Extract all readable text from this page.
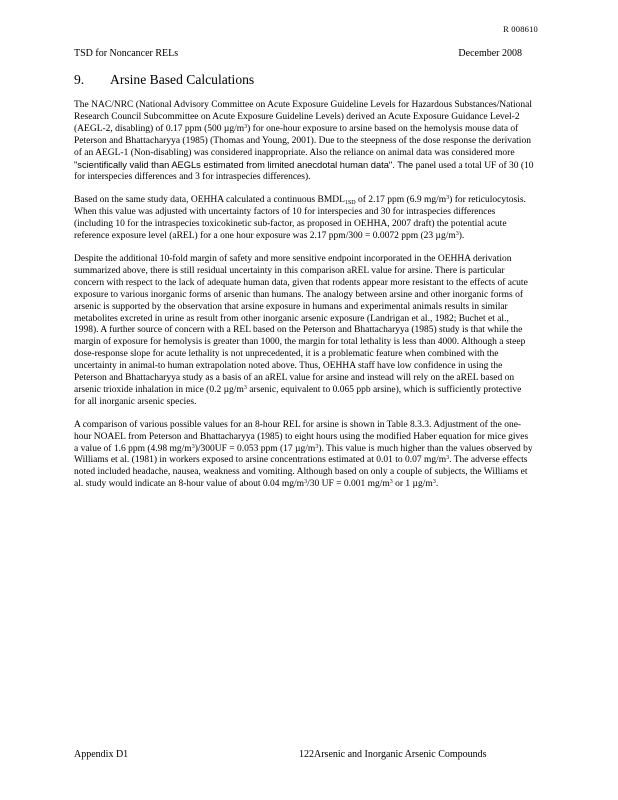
R 008610
TSD for Noncancer RELs	December 2008
9. Arsine Based Calculations

The NAC/NRC (National Advisory Committee on Acute Exposure Guideline Levels for Hazardous Substances/National Research Council Subcommittee on Acute Exposure Guideline Levels) derived an Acute Exposure Guidance Level-2 (AEGL-2, disabling) of 0.17 ppm (500 $\mu g/m^3$) for one-hour exposure to arsine based on the hemolysis mouse data of Peterson and Bhattacharyya (1985) (Thomas and Young, 2001). Due to the steepness of the dose response the derivation of an AEGL-1 (Non-disabling) was considered inappropriate. Also the reliance on animal data was considered more "scientifically valid than AEGLs estimated from limited anecdotal human data". The panel used a total UF of 30 (10 for interspecies differences and 3 for intraspecies differences).

Based on the same study data, OEHHA calculated a continuous $BMDL_{1SD}$ of 2.17 ppm (6.9 $mg/m^3$) for reticulocytosis. When this value was adjusted with uncertainty factors of 10 for interspecies and 30 for intraspecies differences (including 10 for the intraspecies toxicokinetic sub-factor, as proposed in OEHHA, 2007 draft) the potential acute reference exposure level (aREL) for a one hour exposure was 2.17 ppm/300 = 0.0072 ppm (23 $\mu g/m^3$).

Despite the additional 10-fold margin of safety and more sensitive endpoint incorporated in the OEHHA derivation summarized above, there is still residual uncertainty in this comparison aREL value for arsine. There is particular concern with respect to the lack of adequate human data, given that rodents appear more resistant to the effects of acute exposure to various inorganic forms of arsenic than humans. The analogy between arsine and other inorganic forms of arsenic is supported by the observation that arsine exposure in humans and experimental animals results in similar metabolites excreted in urine as result from other inorganic arsenic exposure (Landrigan et al., 1982; Buchet et al., 1998). A further source of concern with a REL based on the Peterson and Bhattacharyya (1985) study is that while the margin of exposure for hemolysis is greater than 1000, the margin for total lethality is less than 4000. Although a steep dose-response slope for acute lethality is not unprecedented, it is a problematic feature when combined with the uncertainty in animal-to human extrapolation noted above. Thus, OEHHA staff have low confidence in using the Peterson and Bhattacharyya study as a basis of an aREL value for arsine and instead will rely on the aREL based on arsenic trioxide inhalation in mice (0.2 $\mu g/m^3$ arsenic, equivalent to 0.065 ppb arsine), which is sufficiently protective for all inorganic arsenic species.

A comparison of various possible values for an 8-hour REL for arsine is shown in Table 8.3.3. Adjustment of the one-hour NOAEL from Peterson and Bhattacharyya (1985) to eight hours using the modified Haber equation for mice gives a value of 1.6 ppm (4.98 $mg/m^3)/300UF = 0.053$ ppm (17 $\mu g/m^3$). This value is much higher than the values observed by Williams et al. (1981) in workers exposed to arsine concentrations estimated at 0.01 to 0.07 $mg/m^3$. The adverse effects noted included headache, nausea, weakness and vomiting. Although based on only a couple of subjects, the Williams et al. study would indicate an 8-hour value of about 0.04 $mg/m^3/30$ UF = 0.001 $mg/m^3$ or 1 $\mu g/m^3$.

Appendix D1	122Arsenic and Inorganic Arsenic Compounds
